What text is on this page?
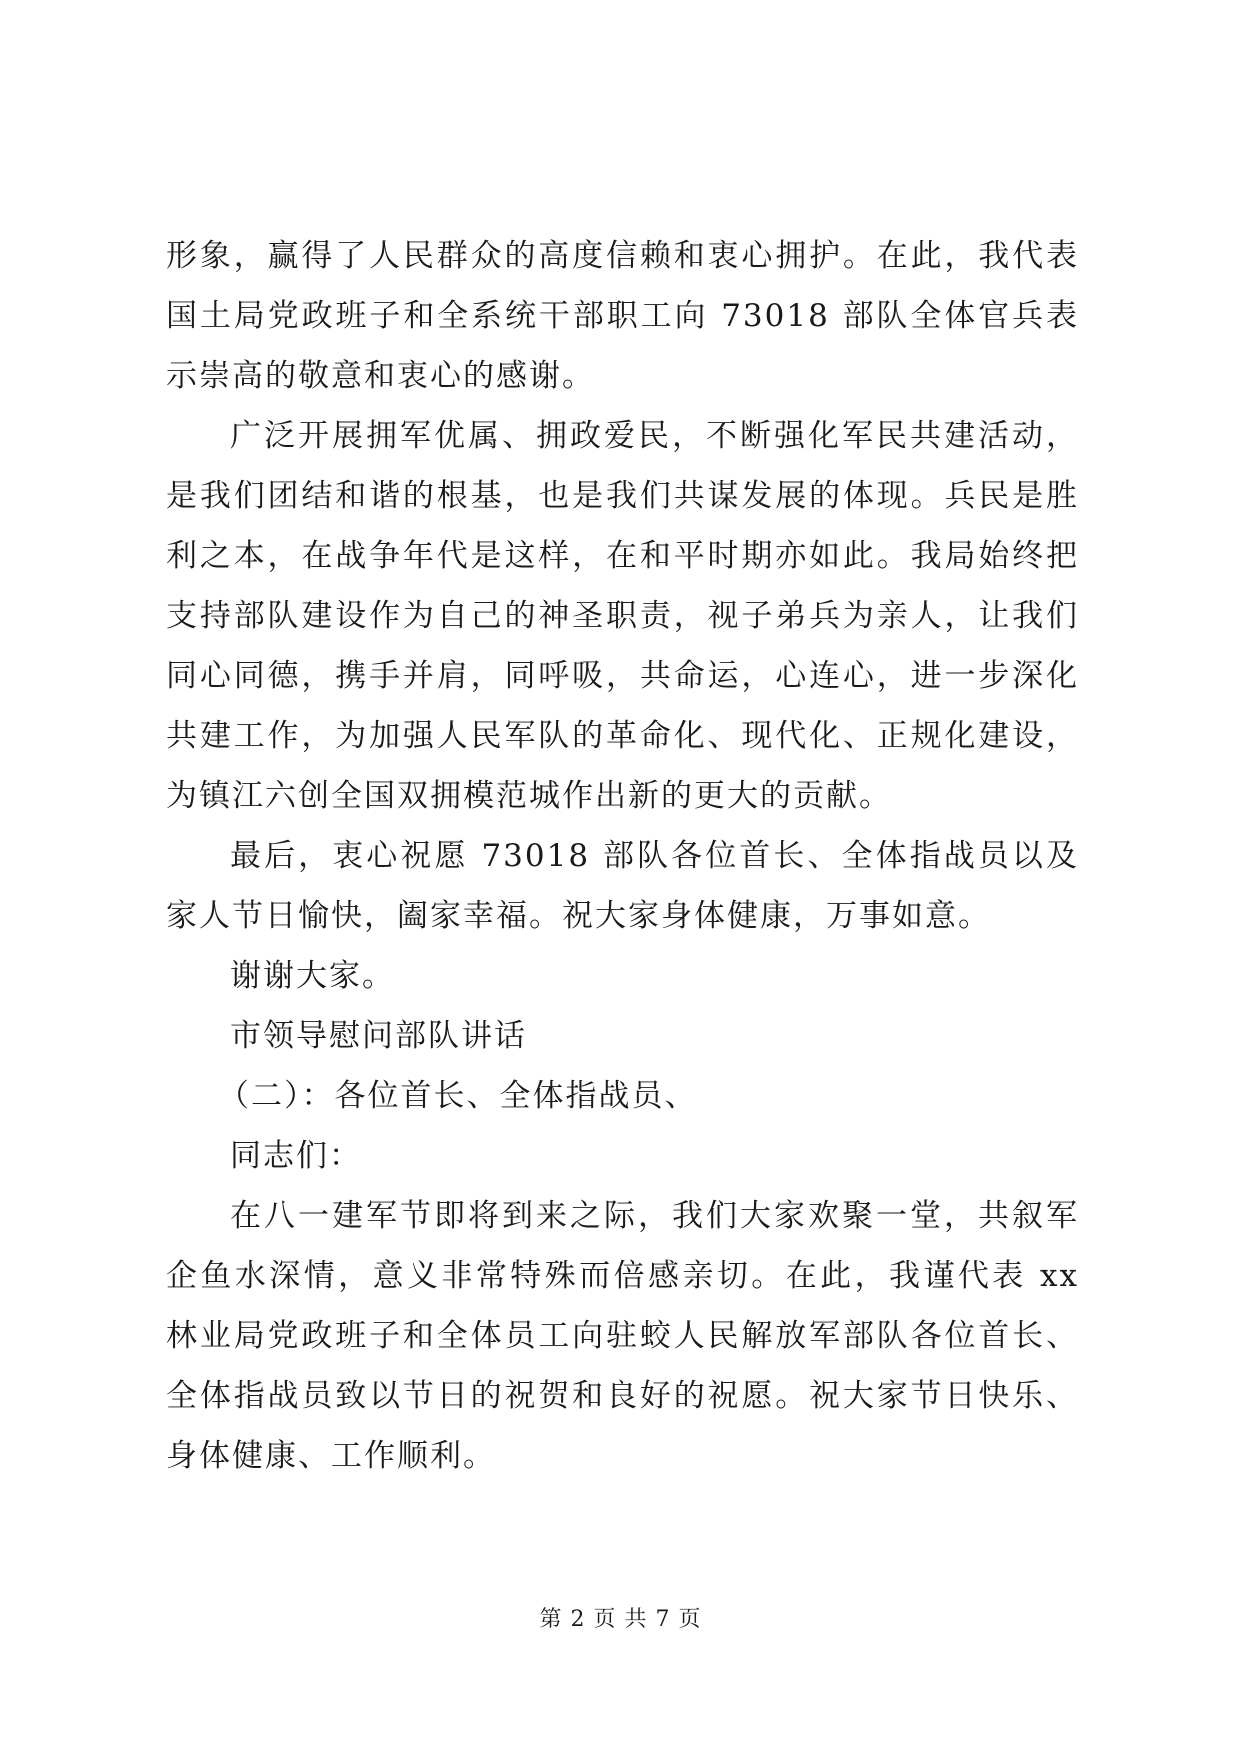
形象，赢得了人民群众的高度信赖和衷心拥护。在此，我代表国土局党政班子和全系统干部职工向 73018 部队全体官兵表示崇高的敬意和衷心的感谢。

广泛开展拥军优属、拥政爱民，不断强化军民共建活动，是我们团结和谐的根基，也是我们共谋发展的体现。兵民是胜利之本，在战争年代是这样，在和平时期亦如此。我局始终把支持部队建设作为自己的神圣职责，视子弟兵为亲人，让我们同心同德，携手并肩，同呼吸，共命运，心连心，进一步深化共建工作，为加强人民军队的革命化、现代化、正规化建设，为镇江六创全国双拥模范城作出新的更大的贡献。

最后，衷心祝愿 73018 部队各位首长、全体指战员以及家人节日愉快，阖家幸福。祝大家身体健康，万事如意。

谢谢大家。

市领导慰问部队讲话

（二）：各位首长、全体指战员、

同志们：

在八一建军节即将到来之际，我们大家欢聚一堂，共叙军企鱼水深情，意义非常特殊而倍感亲切。在此，我谨代表 xx 林业局党政班子和全体员工向驻蛟人民解放军部队各位首长、全体指战员致以节日的祝贺和良好的祝愿。祝大家节日快乐、身体健康、工作顺利。

第 2 页 共 7 页
